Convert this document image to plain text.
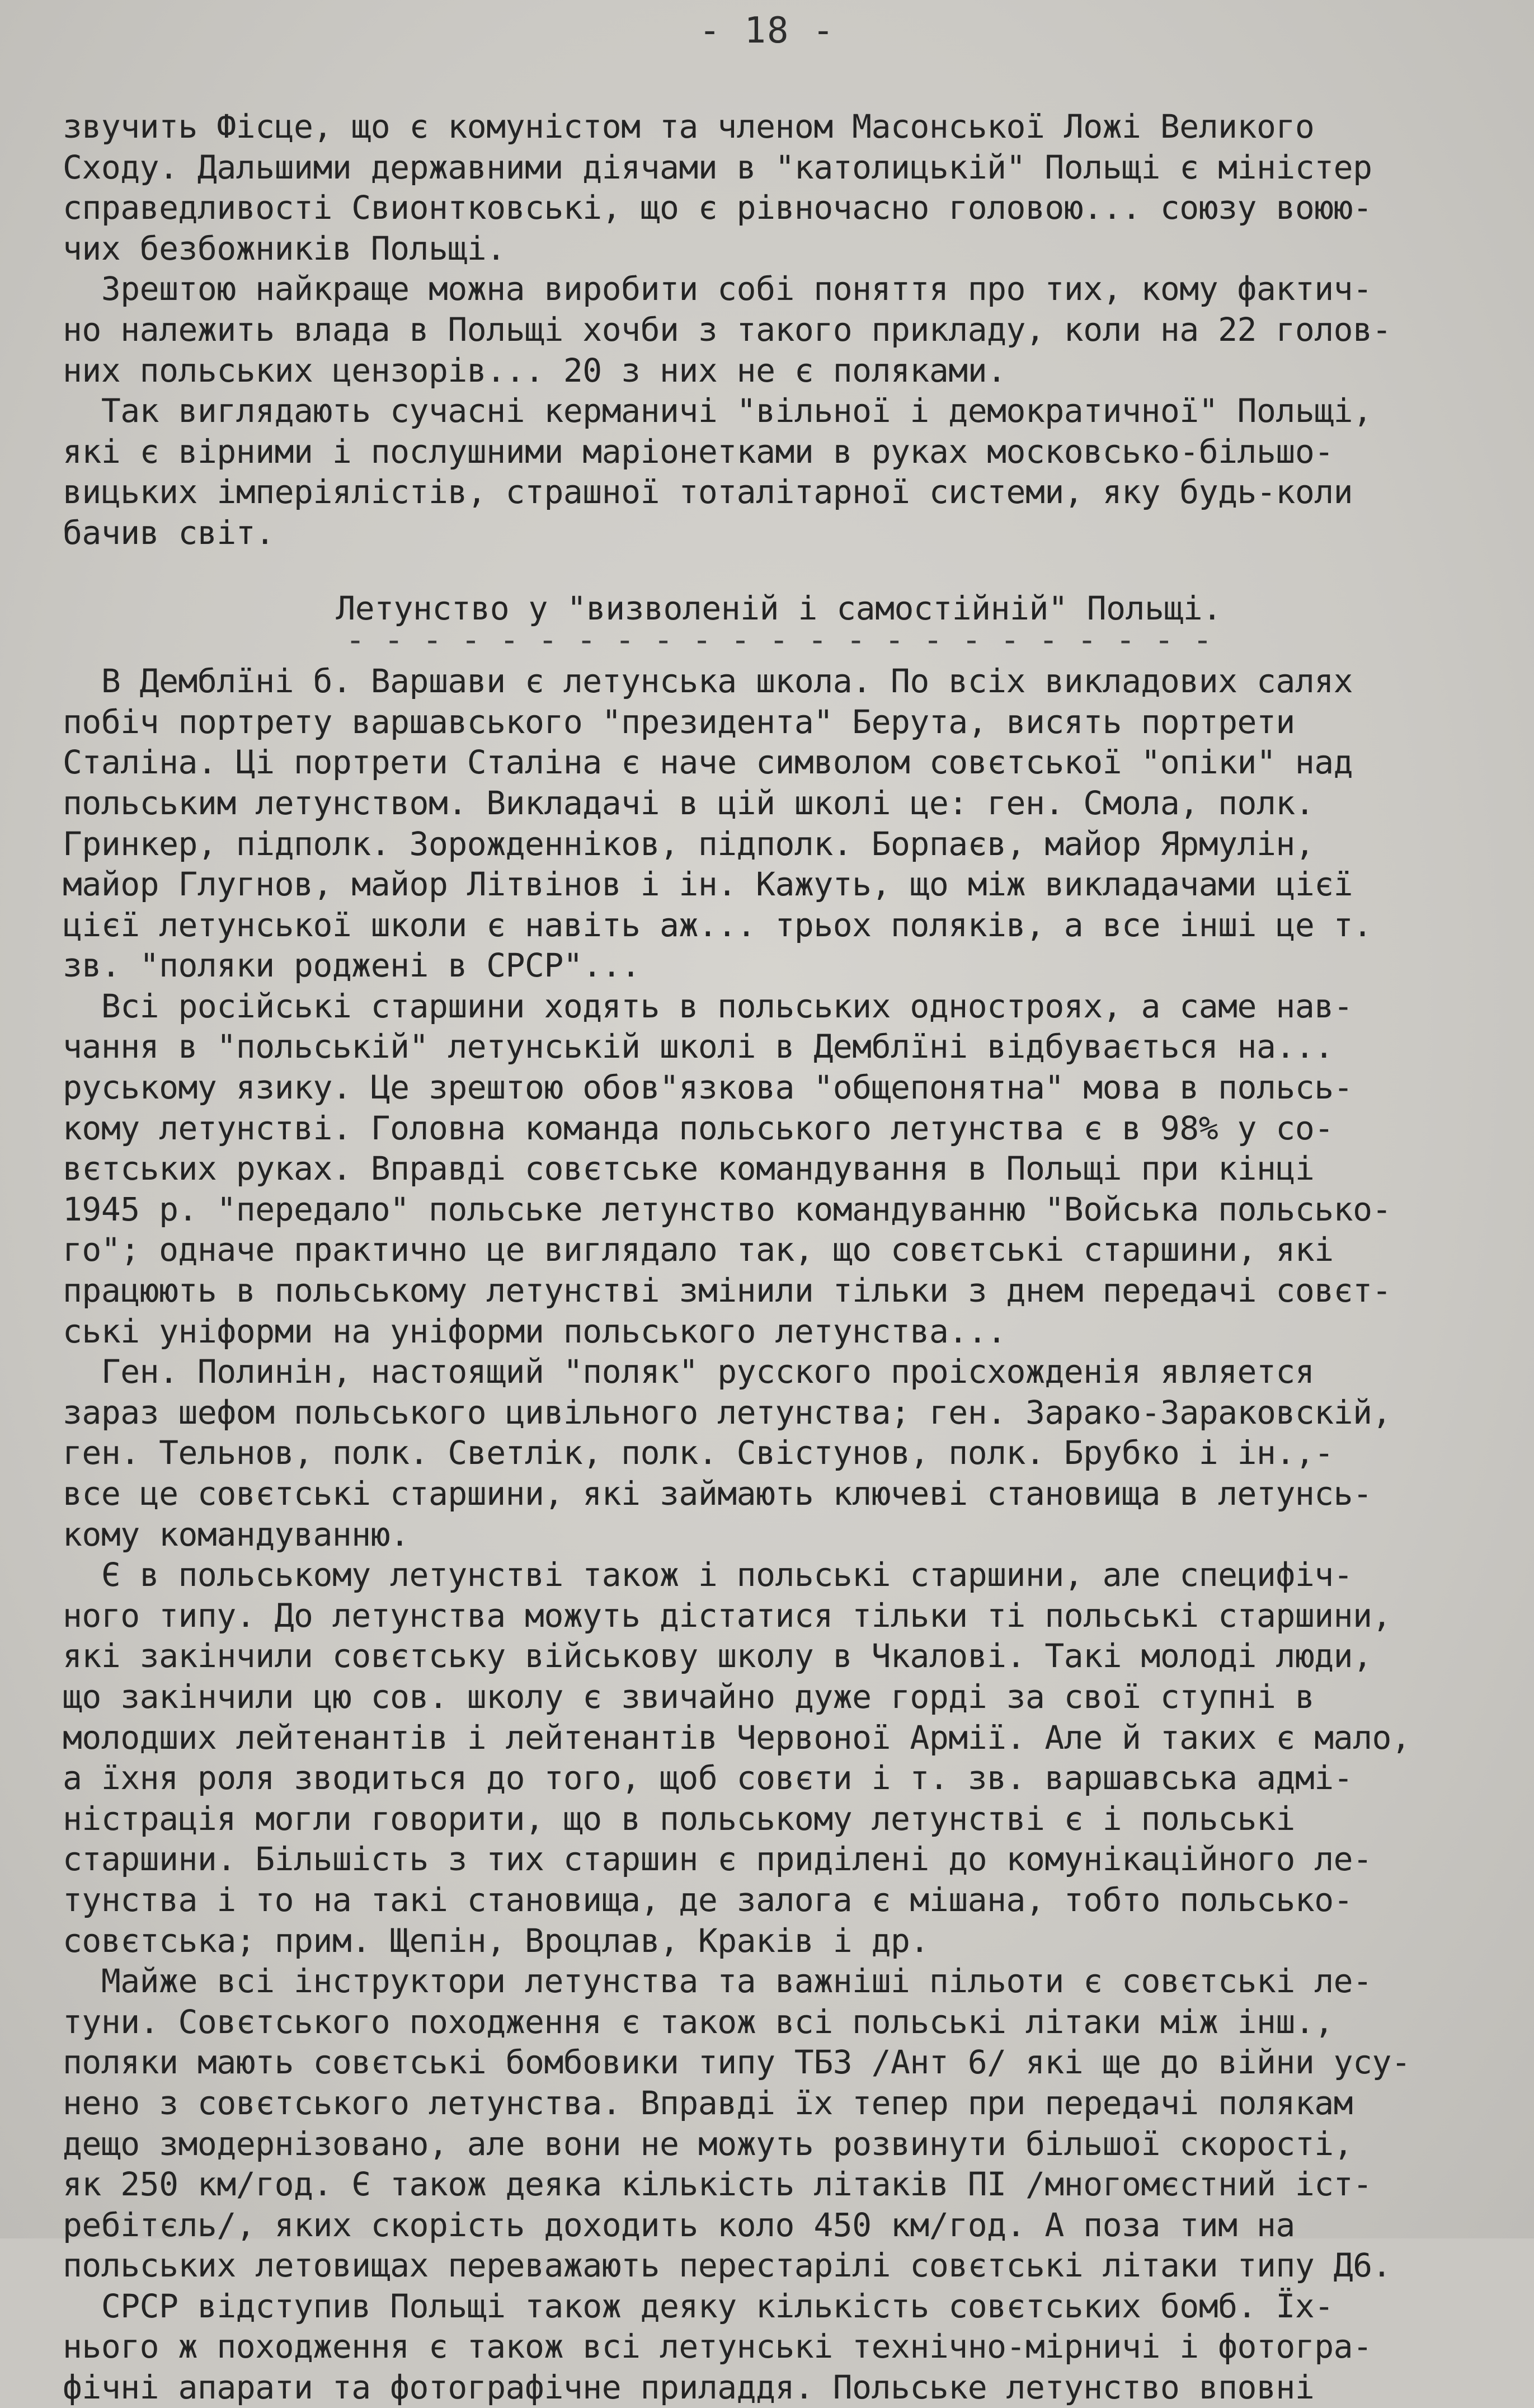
- 18 -
звучить Фісце, що є комуністом та членом Масонської Ложі Великого
Сходу. Дальшими державними діячами в "католицькій" Польщі є міністер
справедливості Свионтковські, що є рівночасно головою... союзу воюю-
чих безбожників Польщі.
Зрештою найкраще можна виробити собі поняття про тих, кому фактич-
но належить влада в Польщі хочби з такого прикладу, коли на 22 голов-
них польських цензорів... 20 з них не є поляками.
Так виглядають сучасні керманичі "вільної і демократичної" Польщі,
які є вірними і послушними маріонетками в руках московсько-більшо-
вицьких імперіялістів, страшної тоталітарної системи, яку будь-коли
бачив світ.
Летунство у "визволеній і самостійній" Польщі.
- - - - - - - - - - - - - - - - - - - - - - -
В Демблїні б. Варшави є летунська школа. По всіх викладових салях
побіч портрету варшавського "президента" Берута, висять портрети
Сталіна. Ці портрети Сталіна є наче символом совєтської "опіки" над
польським летунством. Викладачі в цій школі це: ген. Смола, полк.
Гринкер, підполк. Зорожденніков, підполк. Борпаєв, майор Ярмулін,
майор Глугнов, майор Літвінов і ін. Кажуть, що між викладачами цієї
цієї летунської школи є навіть аж... трьох поляків, а все інші це т.
зв. "поляки роджені в СРСР"...
Всі російські старшини ходять в польських одностроях, а саме нав-
чання в "польській" летунській школі в Демблїні відбувається на...
руському язику. Це зрештою обов"язкова "общепонятна" мова в польсь-
кому летунстві. Головна команда польського летунства є в 98% у со-
вєтських руках. Вправді совєтське командування в Польщі при кінці
1945 р. "передало" польське летунство командуванню "Войська польсько-
го"; одначе практично це виглядало так, що совєтські старшини, які
працюють в польському летунстві змінили тільки з днем передачі совєт-
ські уніформи на уніформи польського летунства...
Ген. Полинін, настоящий "поляк" русского проісхожденія является
зараз шефом польського цивільного летунства; ген. Зарако-Зараковскій,
ген. Тельнов, полк. Светлік, полк. Свістунов, полк. Брубко і ін.,-
все це совєтські старшини, які займають ключеві становища в летунсь-
кому командуванню.
Є в польському летунстві також і польські старшини, але специфіч-
ного типу. До летунства можуть дістатися тільки ті польські старшини,
які закінчили совєтську військову школу в Чкалові. Такі молоді люди,
що закінчили цю сов. школу є звичайно дуже горді за свої ступні в
молодших лейтенантів і лейтенантів Червоної Армії. Але й таких є мало,
а їхня роля зводиться до того, щоб совєти і т. зв. варшавська адмі-
ністрація могли говорити, що в польському летунстві є і польські
старшини. Більшість з тих старшин є приділені до комунікаційного ле-
тунства і то на такі становища, де залога є мішана, тобто польсько-
совєтська; прим. Щепін, Вроцлав, Краків і др.
Майже всі інструктори летунства та важніші пільоти є совєтські ле-
туни. Совєтського походження є також всі польські літаки між інш.,
поляки мають совєтські бомбовики типу ТБЗ /Ант 6/ які ще до війни усу-
нено з совєтського летунства. Вправді їх тепер при передачі полякам
дещо змодернізовано, але вони не можуть розвинути більшої скорості,
як 250 км/год. Є також деяка кількість літаків ПІ /многомєстний іст-
ребітєль/, яких скорість доходить коло 450 км/год. А поза тим на
польських летовищах переважають перестарілі совєтські літаки типу Д6.
СРСР відступив Польщі також деяку кількість совєтських бомб. Їх-
нього ж походження є також всі летунські технічно-мірничі і фотогра-
фічні апарати та фотографічне приладдя. Польське летунство вповні
